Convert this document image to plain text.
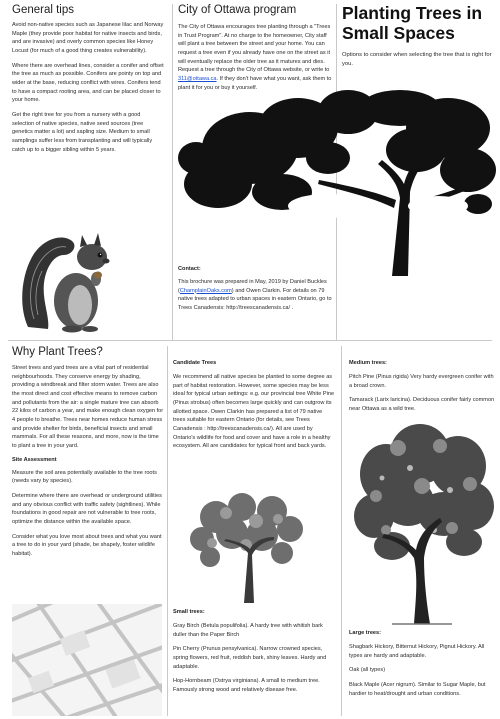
General tips
Avoid non-native species such as Japanese lilac and Norway Maple (they provide poor habitat for native insects and birds, and are invasive) and overly common species like Honey Locust (for much of a good thing creates vulnerability).
Where there are overhead lines, consider a conifer and offset the tree as much as possible. Conifers are pointy on top and wider at the base, reducing conflict with wires. Conifers tend to have a compact rooting area, and can be placed closer to your home.
Get the right tree for you from a nursery with a good selection of native species, native seed sources (tree genetics matter a lot) and sapling size. Medium to small samplings suffer less from transplanting and will typically catch up to a bigger sibling within 5 years.
City of Ottawa program
The City of Ottawa encourages tree planting through a "Trees in Trust Program". At no charge to the homeowner, City staff will plant a tree between the street and your home. You can request a tree even if you already have one on the street as it will eventually replace the older tree as it matures and dies. Request a tree through the City of Ottawa website, or write to 311@ottawa.ca. If they don't have what you want, ask them to plant it for you or buy it yourself.
Planting Trees in
Small Spaces
Options to consider when selecting the tree that is right for you.
Contact:
This brochure was prepared in May, 2019 by Daniel Buckles (ChamplainOaks.com) and Owen Clarkin. For details on 79 native trees adapted to urban spaces in eastern Ontario, go to Trees Canadensis: http://treescanadensis.ca/ .
Why Plant Trees?
Street trees and yard trees are a vital part of residential neighbourhoods. They conserve energy by shading, providing a windbreak and filter storm water. Trees are also the most direct and cost effective means to remove carbon and pollutants from the air: a single mature tree can absorb 22 kilos of carbon a year, and make enough clean oxygen for 4 people to breathe. Trees near homes reduce human stress and provide shelter for birds, beneficial insects and small mammals. For all these reasons, and more, now is the time to plant a tree in your yard.
Site Assessment
Measure the soil area potentially available to the tree roots (needs vary by species).
Determine where there are overhead or underground utilities and any obvious conflict with traffic safety (sightlines). While foundations in good repair are not vulnerable to tree roots, optimize the distance within the available space.
Consider what you love most about trees and what you want a tree to do in your yard (shade, be shapely, foster wildlife habitat).
Candidate Trees
We recommend all native species be planted to some degree as part of habitat restoration. However, some species may be less ideal for typical urban settings: e.g. our provincial tree White Pine (Pinus strobus) often becomes large quickly and can outgrow its allotted space. Owen Clarkin has prepared a list of 79 native trees suitable for eastern Ontario (for details, see Trees Canadensis : http://treescanadensis.ca/). All are used by Ontario's wildlife for food and cover and have a role in a healthy ecosystem. All are candidates for typical front and back yards.
Small trees:
Gray Birch (Betula populifolia). A hardy tree with whitish bark duller than the Paper Birch
Pin Cherry (Prunus pensylvanica). Narrow crowned species, spring flowers, red fruit, reddish bark, shiny leaves. Hardy and adaptable.
Hop-Hornbeam (Ostrya virginiana). A small to medium tree. Famously strong wood and relatively disease free.
Medium trees:
Pitch Pine (Pinus rigida) Very hardy evergreen conifer with a broad crown.
Tamarack (Larix laricina). Deciduous conifer fairly common near Ottawa as a wild tree.
Large trees:
Shagbark Hickory, Bitternut Hickory, Pignut Hickory. All types are hardy and adaptable.
Oak (all types)
Black Maple (Acer nigrum). Similar to Sugar Maple, but hardier to heat/drought and urban conditions.
